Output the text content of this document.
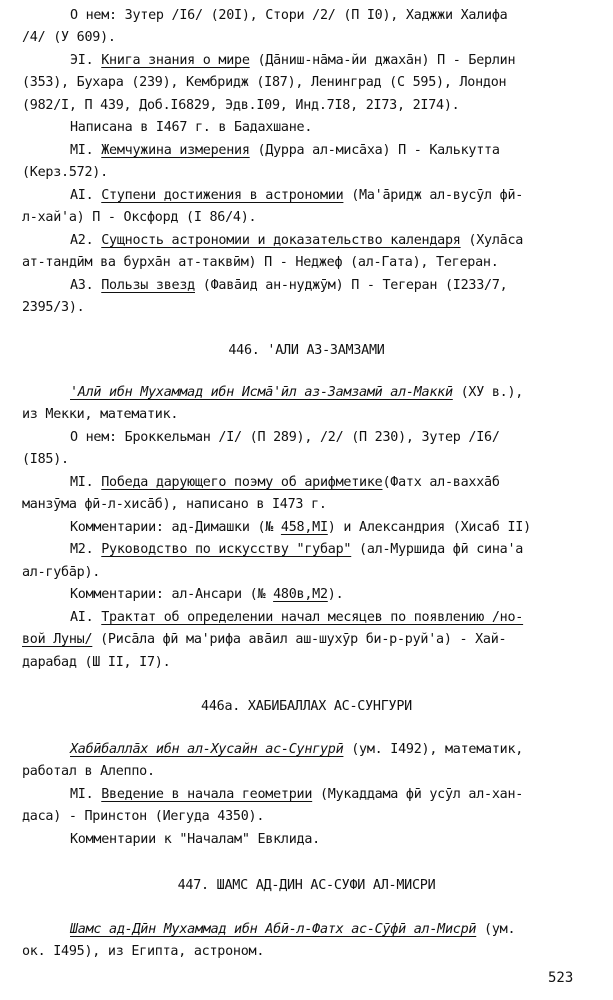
О нем: Зутер /I6/ (20I), Стори /2/ (П I0), Хаджжи Халифа
/4/ (У 609).
ЭI. Книга знания о мире (Дāниш-нāма-йи джахāн) П - Берлин
(353), Бухара (239), Кембридж (I87), Ленинград (С 595), Лондон
(982/I, П 439, Доб.I6829, Эдв.I09, Инд.7I8, 2I73, 2I74).
Написана в I467 г. в Бадахшане.
МI. Жемчужина измерения (Дурра ал-мисāха) П - Калькутта
(Керз.572).
AI. Ступени достижения в астрономии (Ма'āридж ал-вусӯл фӣ-
л-хай'а) П - Оксфорд (I 86/4).
А2. Сущность астрономии и доказательство календаря (Хулāса
ат-тандӣм ва бурхāн ат-таквӣм) П - Неджеф (ал-Гата), Тегеран.
А3. Пользы звезд (Фавāид ан-нуджӯм) П - Тегеран (I233/7,
2395/3).
446. 'АЛИ АЗ-ЗАМЗАМИ
'Алӣ ибн Мухаммад ибн Исмā'ӣл аз-Замзамӣ ал-Маккӣ (ХУ в.),
из Мекки, математик.
О нем: Броккельман /I/ (П 289), /2/ (П 230), Зутер /I6/
(I85).
МI. Победа дарующего поэму об арифметике(Фатх ал-ваххāб
манзӯма фӣ-л-хисāб), написано в I473 г.
Комментарии: ад-Димашки (№ 458,МI) и Александрия (Хисаб II)
М2. Руководство по искусству "губар" (ал-Муршида фӣ сина'а
ал-губāр).
Комментарии: ал-Ансари (№ 480в,М2).
AI. Трактат об определении начал месяцев по появлению /но-
вой Луны/ (Рисāла фӣ ма'рифа авāил аш-шухӯр би-р-руй'а) - Хай-
дарабад (Ш II, I7).
446а. ХАБИБАЛЛАХ АС-СУНГУРИ
Хабӣбаллāх ибн ал-Хусайн ас-Сунгурӣ (ум. I492), математик,
работал в Алеппо.
МI. Введение в начала геометрии (Мукаддама фӣ усӯл ал-хан-
даса) - Принстон (Иегуда 4350).
Комментарии к "Началам" Евклида.
447. ШАМС АД-ДИН АС-СУФИ АЛ-МИСРИ
Шамс ад-Дӣн Мухаммад ибн Абӣ-л-Фатх ас-Сӯфӣ ал-Мисрӣ (ум.
ок. I495), из Египта, астроном.
523
